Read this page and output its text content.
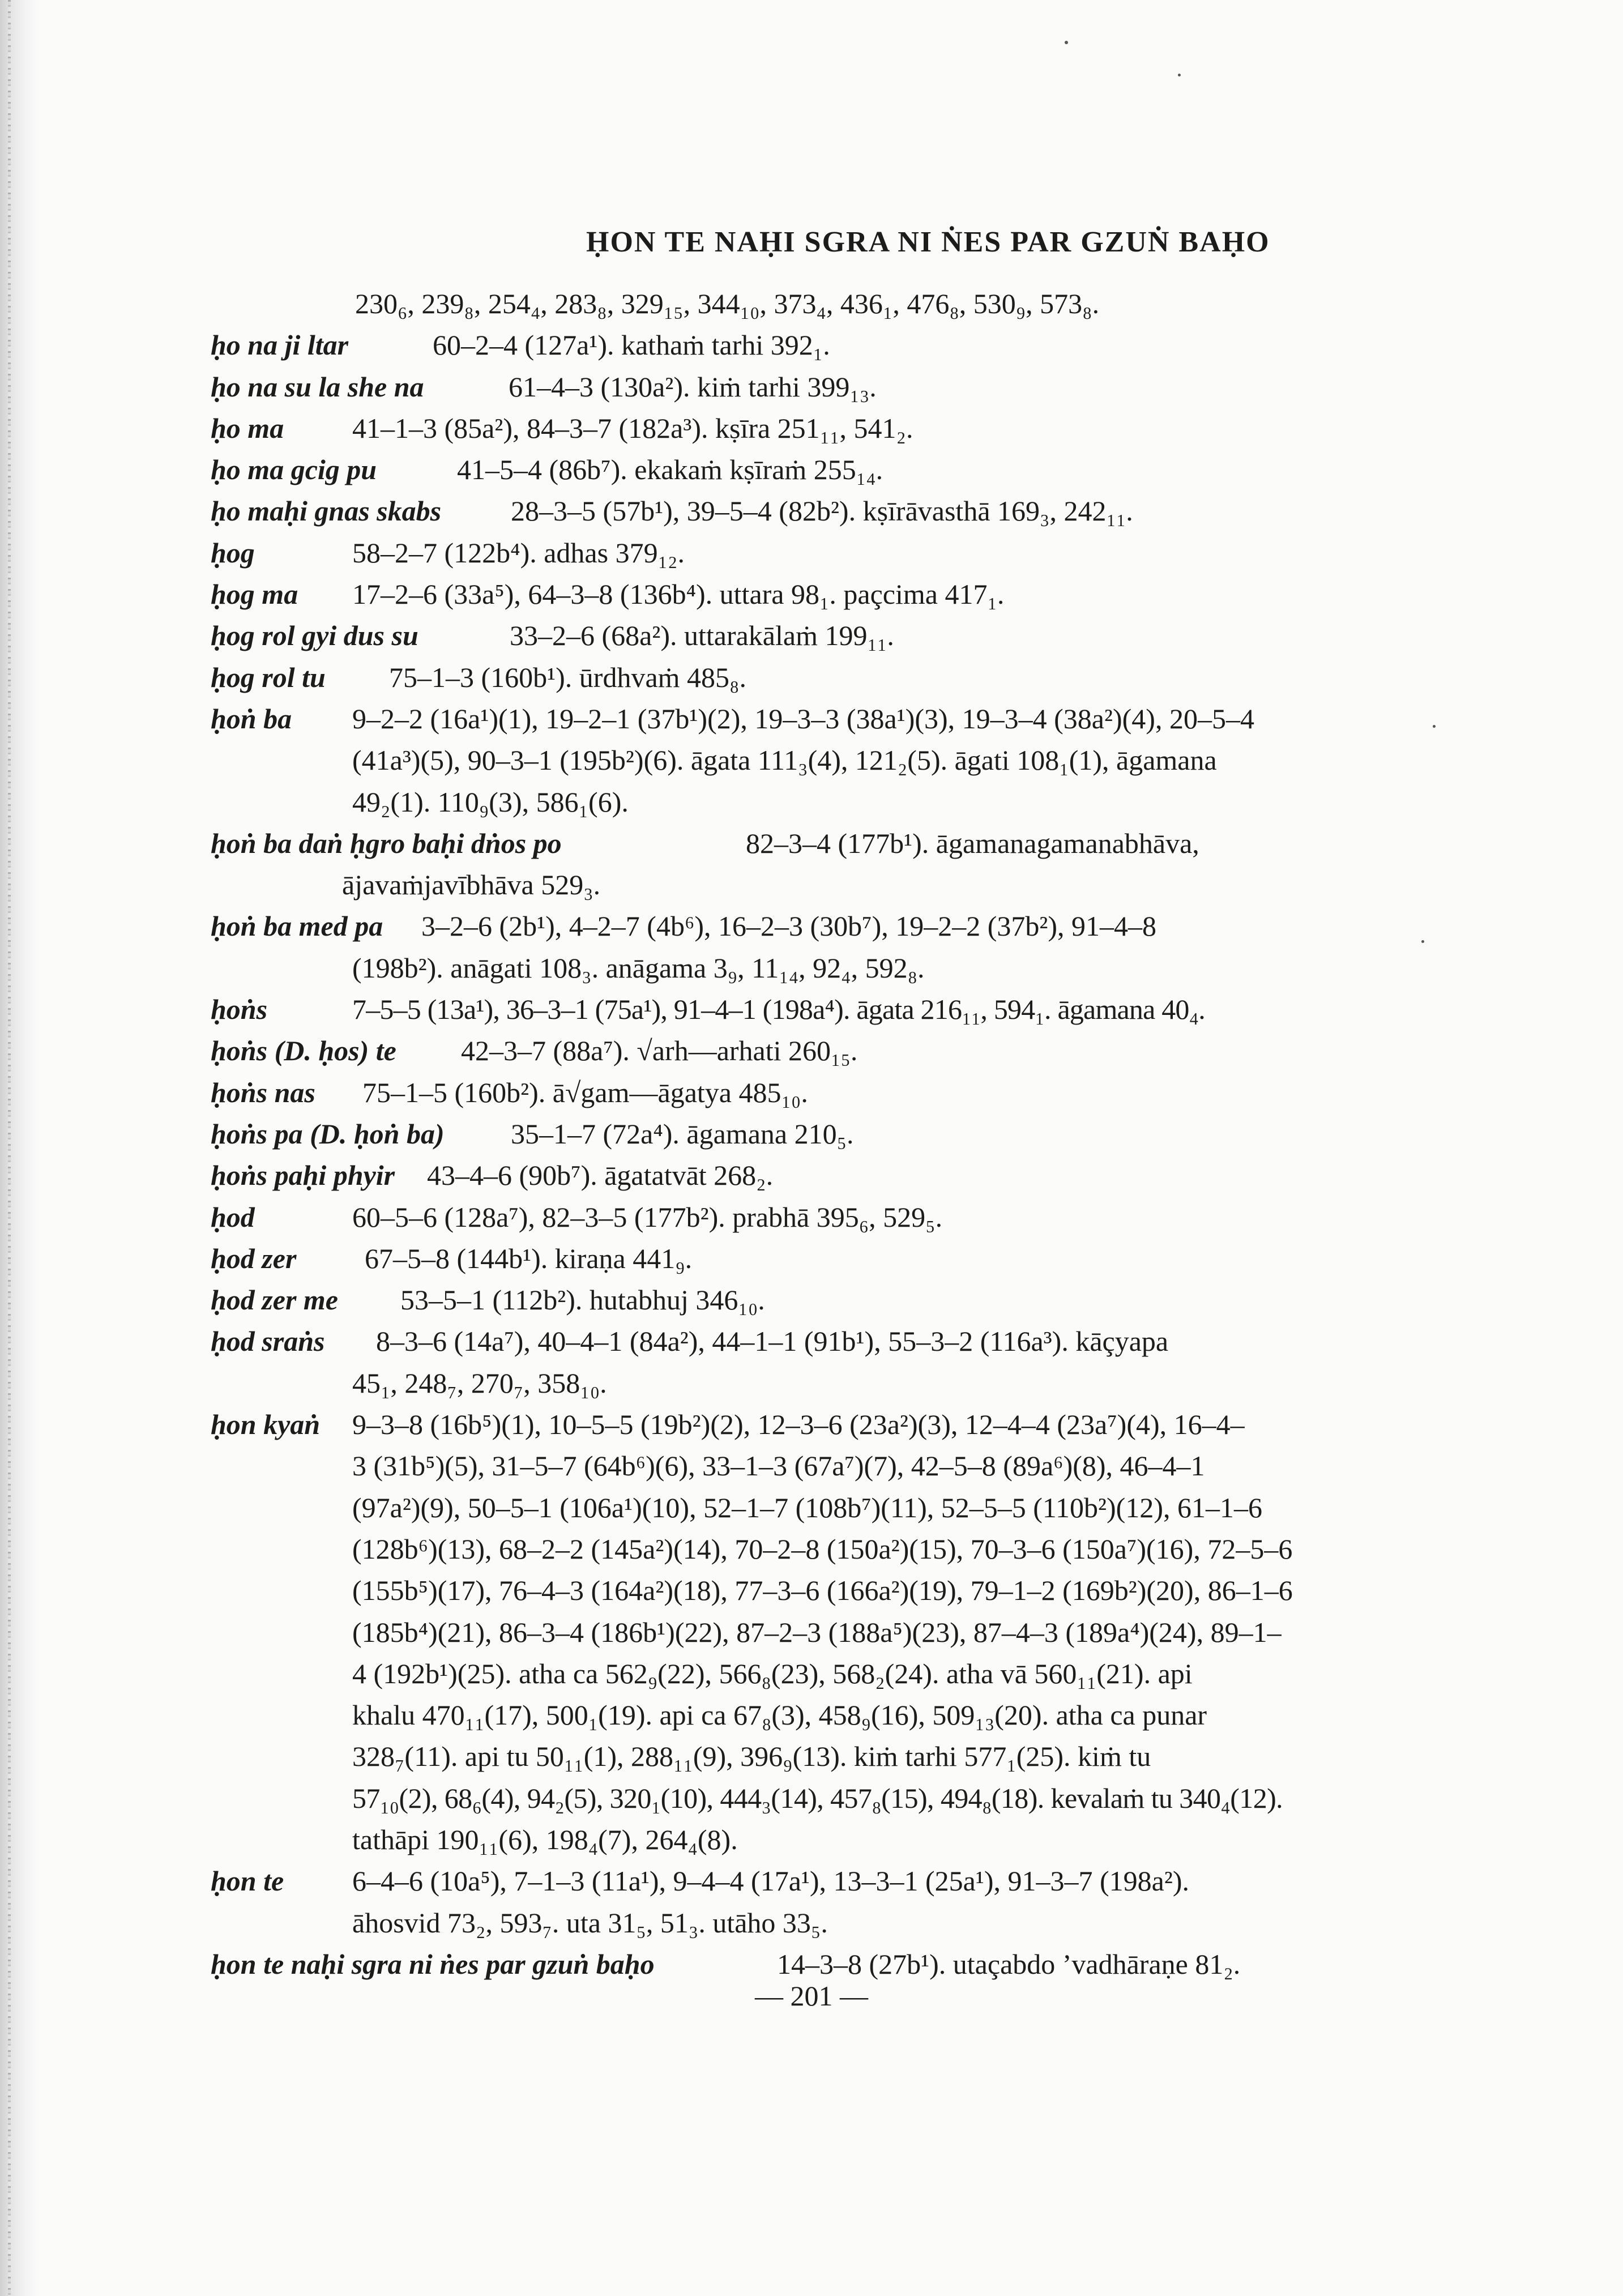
ḤON TE NAḤI SGRA NI ṄES PAR GZUṄ BAḤO
230₆, 239₈, 254₄, 283₈, 329₁₅, 344₁₀, 373₄, 436₁, 476₈, 530₉, 573₈.
ḥo na ji ltar	60–2–4 (127a¹). kathaṁ tarhi 392₁.
ḥo na su la she na	61–4–3 (130a²). kiṁ tarhi 399₁₃.
ḥo ma	41–1–3 (85a²), 84–3–7 (182a³). kṣīra 251₁₁, 541₂.
ḥo ma gcig pu	41–5–4 (86b⁷). ekakaṁ kṣīraṁ 255₁₄.
ḥo maḥi gnas skabs	28–3–5 (57b¹), 39–5–4 (82b²). kṣīrāvasthā 169₃, 242₁₁.
ḥog	58–2–7 (122b⁴). adhas 379₁₂.
ḥog ma	17–2–6 (33a⁵), 64–3–8 (136b⁴). uttara 98₁. paçcima 417₁.
ḥog rol gyi dus su	33–2–6 (68a²). uttarakālaṁ 199₁₁.
ḥog rol tu	75–1–3 (160b¹). ūrdhvaṁ 485₈.
ḥoṅ ba	9–2–2 (16a¹)(1), 19–2–1 (37b¹)(2), 19–3–3 (38a¹)(3), 19–3–4 (38a²)(4), 20–5–4
(41a³)(5), 90–3–1 (195b²)(6). āgata 111₃(4), 121₂(5). āgati 108₁(1), āgamana
49₂(1). 110₉(3), 586₁(6).
ḥoṅ ba daṅ ḥgro baḥi dṅos po	82–3–4 (177b¹). āgamanagamanabhāva,
ājavaṁjavībhāva 529₃.
ḥoṅ ba med pa	3–2–6 (2b¹), 4–2–7 (4b⁶), 16–2–3 (30b⁷), 19–2–2 (37b²), 91–4–8
(198b²). anāgati 108₃. anāgama 3₉, 11₁₄, 92₄, 592₈.
ḥoṅs	7–5–5 (13a¹), 36–3–1 (75a¹), 91–4–1 (198a⁴). āgata 216₁₁, 594₁. āgamana 40₄.
ḥoṅs (D. ḥos) te	42–3–7 (88a⁷). √arh—arhati 260₁₅.
ḥoṅs nas	75–1–5 (160b²). ā√gam—āgatya 485₁₀.
ḥoṅs pa (D. ḥoṅ ba)	35–1–7 (72a⁴). āgamana 210₅.
ḥoṅs paḥi phyir	43–4–6 (90b⁷). āgatatvāt 268₂.
ḥod	60–5–6 (128a⁷), 82–3–5 (177b²). prabhā 395₆, 529₅.
ḥod zer	67–5–8 (144b¹). kiraṇa 441₉.
ḥod zer me	53–5–1 (112b²). hutabhuj 346₁₀.
ḥod sraṅs	8–3–6 (14a⁷), 40–4–1 (84a²), 44–1–1 (91b¹), 55–3–2 (116a³). kāçyapa
45₁, 248₇, 270₇, 358₁₀.
ḥon kyaṅ	9–3–8 (16b⁵)(1), 10–5–5 (19b²)(2), 12–3–6 (23a²)(3), 12–4–4 (23a⁷)(4), 16–4–
3 (31b⁵)(5), 31–5–7 (64b⁶)(6), 33–1–3 (67a⁷)(7), 42–5–8 (89a⁶)(8), 46–4–1
(97a²)(9), 50–5–1 (106a¹)(10), 52–1–7 (108b⁷)(11), 52–5–5 (110b²)(12), 61–1–6
(128b⁶)(13), 68–2–2 (145a²)(14), 70–2–8 (150a²)(15), 70–3–6 (150a⁷)(16), 72–5–6
(155b⁵)(17), 76–4–3 (164a²)(18), 77–3–6 (166a²)(19), 79–1–2 (169b²)(20), 86–1–6
(185b⁴)(21), 86–3–4 (186b¹)(22), 87–2–3 (188a⁵)(23), 87–4–3 (189a⁴)(24), 89–1–
4 (192b¹)(25). atha ca 562₉(22), 566₈(23), 568₂(24). atha vā 560₁₁(21). api
khalu 470₁₁(17), 500₁(19). api ca 67₈(3), 458₉(16), 509₁₃(20). atha ca punar
328₇(11). api tu 50₁₁(1), 288₁₁(9), 396₉(13). kiṁ tarhi 577₁(25). kiṁ tu
57₁₀(2), 68₆(4), 94₂(5), 320₁(10), 444₃(14), 457₈(15), 494₈(18). kevalaṁ tu 340₄(12).
tathāpi 190₁₁(6), 198₄(7), 264₄(8).
ḥon te	6–4–6 (10a⁵), 7–1–3 (11a¹), 9–4–4 (17a¹), 13–3–1 (25a¹), 91–3–7 (198a²).
āhosvid 73₂, 593₇. uta 31₅, 51₃. utāho 33₅.
ḥon te naḥi sgra ni ṅes par gzuṅ baḥo	14–3–8 (27b¹). utaçabdo ’vadhāraṇe 81₂.
— 201 —
